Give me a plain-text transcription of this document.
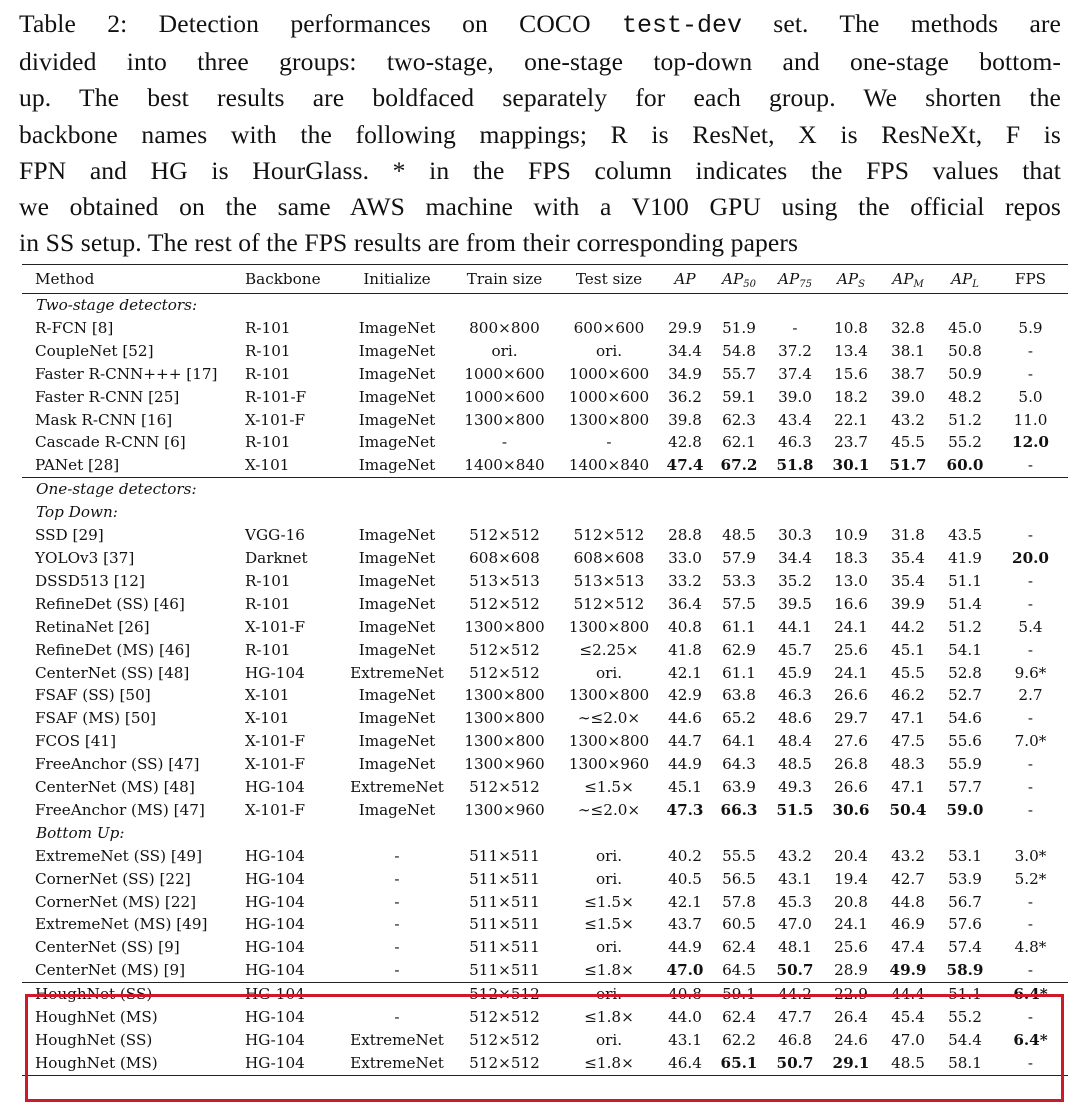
Table 2: Detection performances on COCO test-dev set. The methods are
divided into three groups: two-stage, one-stage top-down and one-stage bottom-
up. The best results are boldfaced separately for each group. We shorten the
backbone names with the following mappings; R is ResNet, X is ResNeXt, F is
FPN and HG is HourGlass. * in the FPS column indicates the FPS values that
we obtained on the same AWS machine with a V100 GPU using the official repos
in SS setup. The rest of the FPS results are from their corresponding papers
Method	Backbone	Initialize	Train size	Test size	AP	$AP_{50}$	$AP_{75}$	$AP_S$	$AP_M$	$AP_L$	FPS
Two-stage detectors:											
R-FCN [8]	R-101	ImageNet	800×800	600×600	29.9	51.9	-	10.8	32.8	45.0	5.9
CoupleNet [52]	R-101	ImageNet	ori.	ori.	34.4	54.8	37.2	13.4	38.1	50.8	-
Faster R-CNN+++ [17]	R-101	ImageNet	1000×600	1000×600	34.9	55.7	37.4	15.6	38.7	50.9	-
Faster R-CNN [25]	R-101-F	ImageNet	1000×600	1000×600	36.2	59.1	39.0	18.2	39.0	48.2	5.0
Mask R-CNN [16]	X-101-F	ImageNet	1300×800	1300×800	39.8	62.3	43.4	22.1	43.2	51.2	11.0
Cascade R-CNN [6]	R-101	ImageNet	-	-	42.8	62.1	46.3	23.7	45.5	55.2	12.0
PANet [28]	X-101	ImageNet	1400×840	1400×840	47.4	67.2	51.8	30.1	51.7	60.0	-
One-stage detectors:											
Top Down:											
SSD [29]	VGG-16	ImageNet	512×512	512×512	28.8	48.5	30.3	10.9	31.8	43.5	-
YOLOv3 [37]	Darknet	ImageNet	608×608	608×608	33.0	57.9	34.4	18.3	35.4	41.9	20.0
DSSD513 [12]	R-101	ImageNet	513×513	513×513	33.2	53.3	35.2	13.0	35.4	51.1	-
RefineDet (SS) [46]	R-101	ImageNet	512×512	512×512	36.4	57.5	39.5	16.6	39.9	51.4	-
RetinaNet [26]	X-101-F	ImageNet	1300×800	1300×800	40.8	61.1	44.1	24.1	44.2	51.2	5.4
RefineDet (MS) [46]	R-101	ImageNet	512×512	≤2.25×	41.8	62.9	45.7	25.6	45.1	54.1	-
CenterNet (SS) [48]	HG-104	ExtremeNet	512×512	ori.	42.1	61.1	45.9	24.1	45.5	52.8	9.6*
FSAF (SS) [50]	X-101	ImageNet	1300×800	1300×800	42.9	63.8	46.3	26.6	46.2	52.7	2.7
FSAF (MS) [50]	X-101	ImageNet	1300×800	∼≤2.0×	44.6	65.2	48.6	29.7	47.1	54.6	-
FCOS [41]	X-101-F	ImageNet	1300×800	1300×800	44.7	64.1	48.4	27.6	47.5	55.6	7.0*
FreeAnchor (SS) [47]	X-101-F	ImageNet	1300×960	1300×960	44.9	64.3	48.5	26.8	48.3	55.9	-
CenterNet (MS) [48]	HG-104	ExtremeNet	512×512	≤1.5×	45.1	63.9	49.3	26.6	47.1	57.7	-
FreeAnchor (MS) [47]	X-101-F	ImageNet	1300×960	∼≤2.0×	47.3	66.3	51.5	30.6	50.4	59.0	-
Bottom Up:											
ExtremeNet (SS) [49]	HG-104	-	511×511	ori.	40.2	55.5	43.2	20.4	43.2	53.1	3.0*
CornerNet (SS) [22]	HG-104	-	511×511	ori.	40.5	56.5	43.1	19.4	42.7	53.9	5.2*
CornerNet (MS) [22]	HG-104	-	511×511	≤1.5×	42.1	57.8	45.3	20.8	44.8	56.7	-
ExtremeNet (MS) [49]	HG-104	-	511×511	≤1.5×	43.7	60.5	47.0	24.1	46.9	57.6	-
CenterNet (SS) [9]	HG-104	-	511×511	ori.	44.9	62.4	48.1	25.6	47.4	57.4	4.8*
CenterNet (MS) [9]	HG-104	-	511×511	≤1.8×	47.0	64.5	50.7	28.9	49.9	58.9	-
HoughNet (SS)	HG-104	-	512×512	ori.	40.8	59.1	44.2	22.9	44.4	51.1	6.4*
HoughNet (MS)	HG-104	-	512×512	≤1.8×	44.0	62.4	47.7	26.4	45.4	55.2	-
HoughNet (SS)	HG-104	ExtremeNet	512×512	ori.	43.1	62.2	46.8	24.6	47.0	54.4	6.4*
HoughNet (MS)	HG-104	ExtremeNet	512×512	≤1.8×	46.4	65.1	50.7	29.1	48.5	58.1	-
